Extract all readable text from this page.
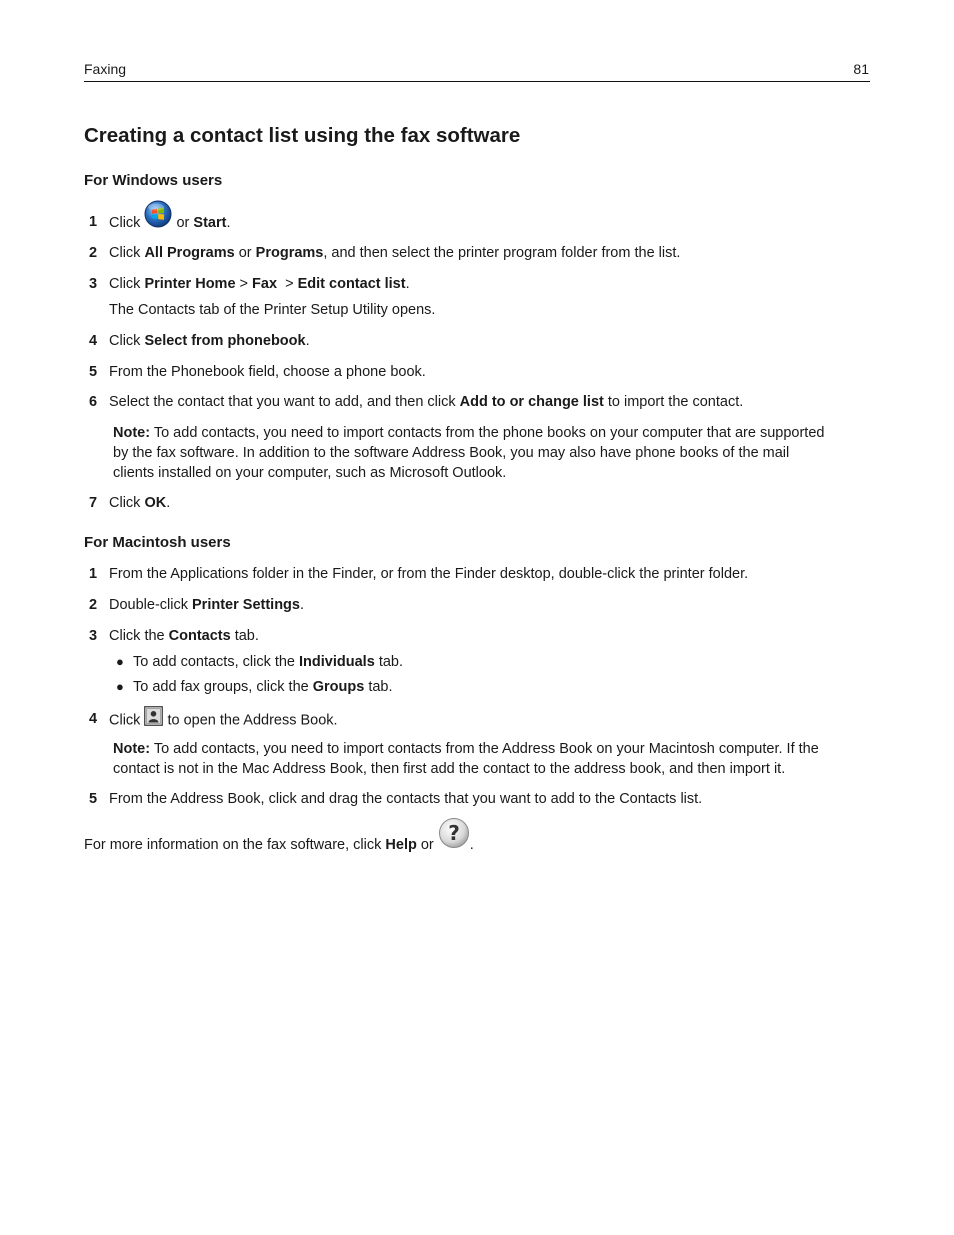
Faxing	81
Creating a contact list using the fax software
For Windows users
1 Click or Start.
2 Click All Programs or Programs, and then select the printer program folder from the list.
3 Click Printer Home > Fax  > Edit contact list.
The Contacts tab of the Printer Setup Utility opens.
4 Click Select from phonebook.
5 From the Phonebook field, choose a phone book.
6 Select the contact that you want to add, and then click Add to or change list to import the contact.
Note: To add contacts, you need to import contacts from the phone books on your computer that are supported
by the fax software. In addition to the software Address Book, you may also have phone books of the mail
clients installed on your computer, such as Microsoft Outlook.
7 Click OK.
For Macintosh users
1 From the Applications folder in the Finder, or from the Finder desktop, double-click the printer folder.
2 Double-click Printer Settings.
3 Click the Contacts tab.
● To add contacts, click the Individuals tab.
● To add fax groups, click the Groups tab.
4 Click to open the Address Book.
Note: To add contacts, you need to import contacts from the Address Book on your Macintosh computer. If the
contact is not in the Mac Address Book, then first add the contact to the address book, and then import it.
5 From the Address Book, click and drag the contacts that you want to add to the Contacts list.
For more information on the fax software, click Help or ? .
